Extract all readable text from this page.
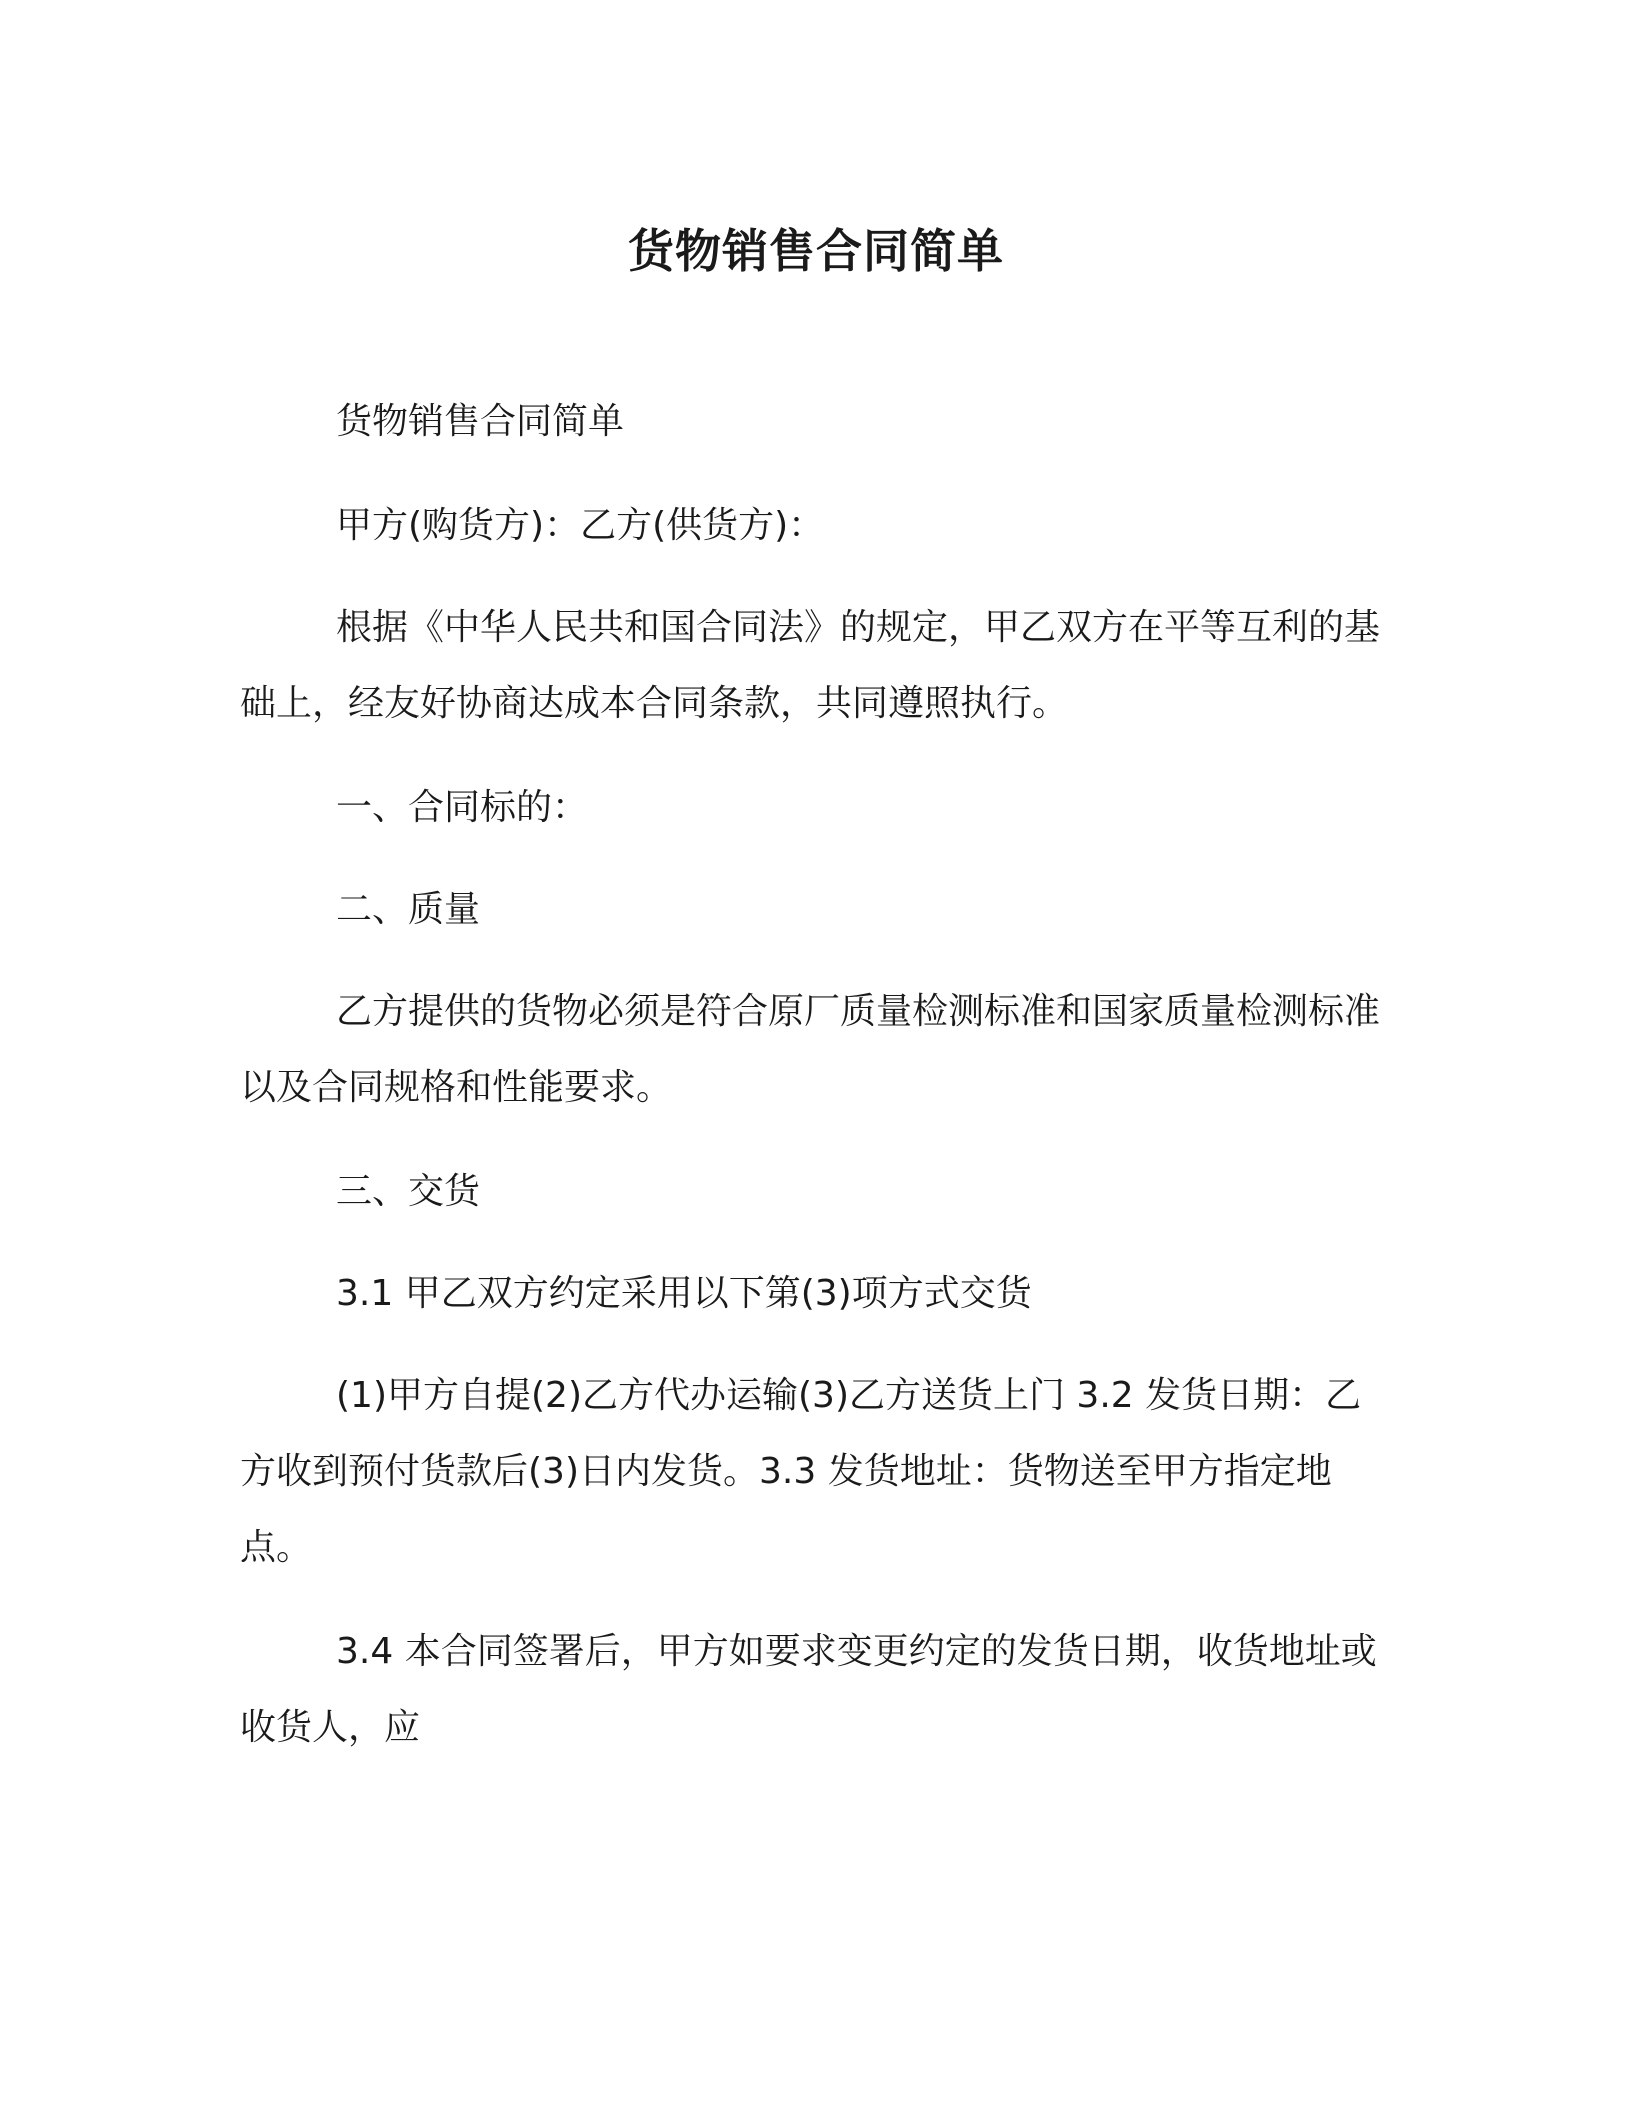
货物销售合同简单

货物销售合同简单

甲方(购货方)：乙方(供货方)：

根据《中华人民共和国合同法》的规定，甲乙双方在平等互利的基础上，经友好协商达成本合同条款，共同遵照执行。

一、合同标的：

二、质量

乙方提供的货物必须是符合原厂质量检测标准和国家质量检测标准以及合同规格和性能要求。

三、交货

3.1 甲乙双方约定采用以下第(3)项方式交货

(1)甲方自提(2)乙方代办运输(3)乙方送货上门 3.2 发货日期：乙方收到预付货款后(3)日内发货。3.3 发货地址：货物送至甲方指定地点。

3.4 本合同签署后，甲方如要求变更约定的发货日期，收货地址或收货人，应
